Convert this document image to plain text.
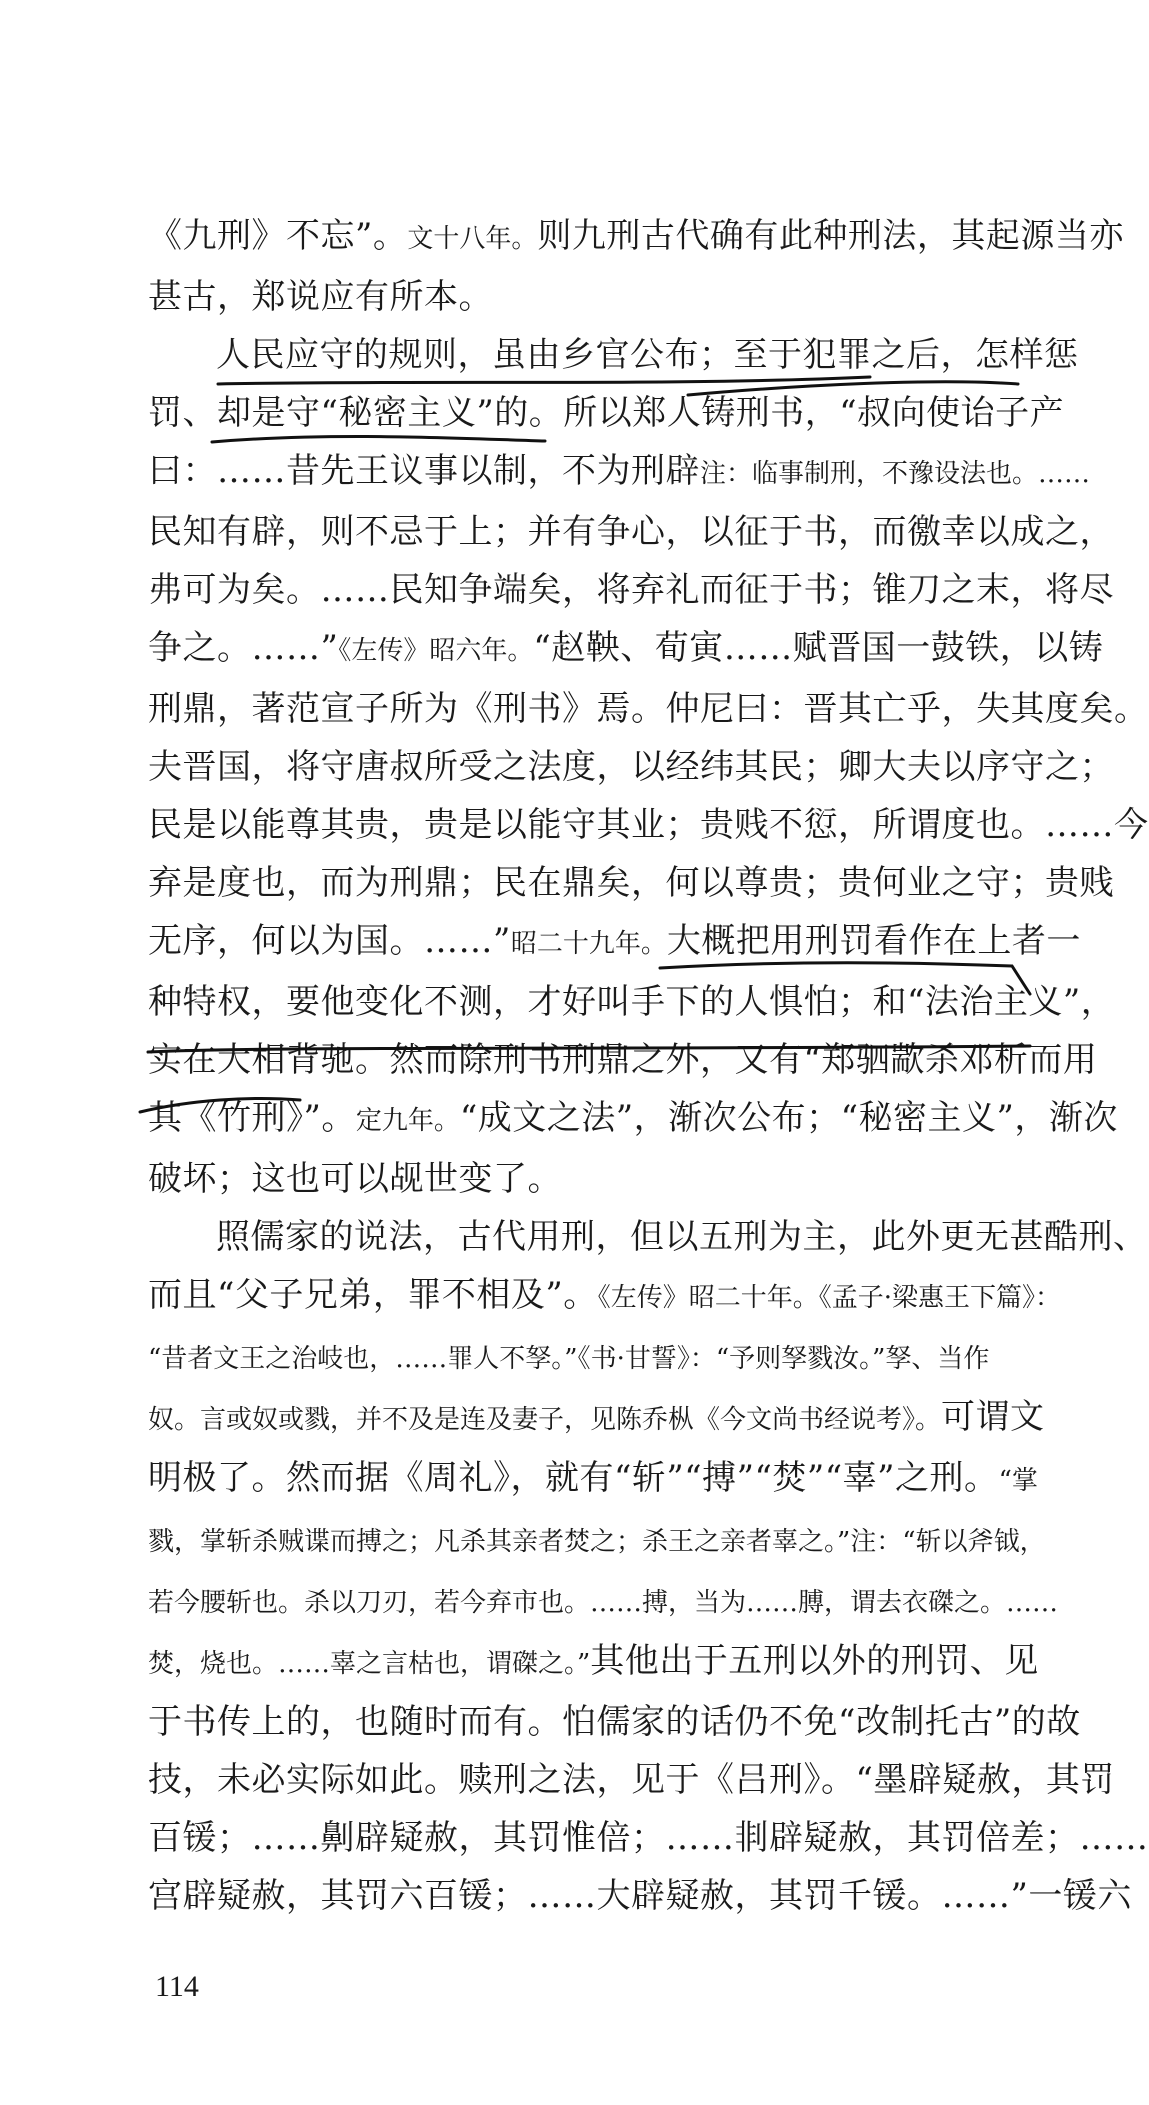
《九刑》不忘”。文十八年。则九刑古代确有此种刑法，其起源当亦
甚古，郑说应有所本。
人民应守的规则，虽由乡官公布；至于犯罪之后，怎样惩
罚、却是守“秘密主义”的。所以郑人铸刑书，“叔向使诒子产
曰：……昔先王议事以制，不为刑辟注：临事制刑，不豫设法也。……
民知有辟，则不忌于上；并有争心，以征于书，而徼幸以成之，
弗可为矣。……民知争端矣，将弃礼而征于书；锥刀之末，将尽
争之。……”《左传》昭六年。“赵鞅、荀寅……赋晋国一鼓铁，以铸
刑鼎，著范宣子所为《刑书》焉。仲尼曰：晋其亡乎，失其度矣。
夫晋国，将守唐叔所受之法度，以经纬其民；卿大夫以序守之；
民是以能尊其贵，贵是以能守其业；贵贱不愆，所谓度也。……今
弃是度也，而为刑鼎；民在鼎矣，何以尊贵；贵何业之守；贵贱
无序，何以为国。……”昭二十九年。大概把用刑罚看作在上者一
种特权，要他变化不测，才好叫手下的人惧怕；和“法治主义”，
实在大相背驰。然而除刑书刑鼎之外，又有“郑驷歂杀邓析而用
其《竹刑》”。定九年。“成文之法”，渐次公布；“秘密主义”，渐次
破坏；这也可以觇世变了。
照儒家的说法，古代用刑，但以五刑为主，此外更无甚酷刑、
而且“父子兄弟，罪不相及”。《左传》昭二十年。《孟子·梁惠王下篇》：
“昔者文王之治岐也，……罪人不孥。”《书·甘誓》：“予则孥戮汝。”孥、当作
奴。言或奴或戮，并不及是连及妻子，见陈乔枞《今文尚书经说考》。可谓文
明极了。然而据《周礼》，就有“斩”“搏”“焚”“辜”之刑。“掌
戮，掌斩杀贼谍而搏之；凡杀其亲者焚之；杀王之亲者辜之。”注：“斩以斧钺，
若今腰斩也。杀以刀刃，若今弃市也。……搏，当为……膊，谓去衣磔之。……
焚，烧也。……辜之言枯也，谓磔之。”其他出于五刑以外的刑罚、见
于书传上的，也随时而有。怕儒家的话仍不免“改制托古”的故
技，未必实际如此。赎刑之法，见于《吕刑》。“墨辟疑赦，其罚
百锾；……劓辟疑赦，其罚惟倍；……剕辟疑赦，其罚倍差；……
宫辟疑赦，其罚六百锾；……大辟疑赦，其罚千锾。……”一锾六
114
